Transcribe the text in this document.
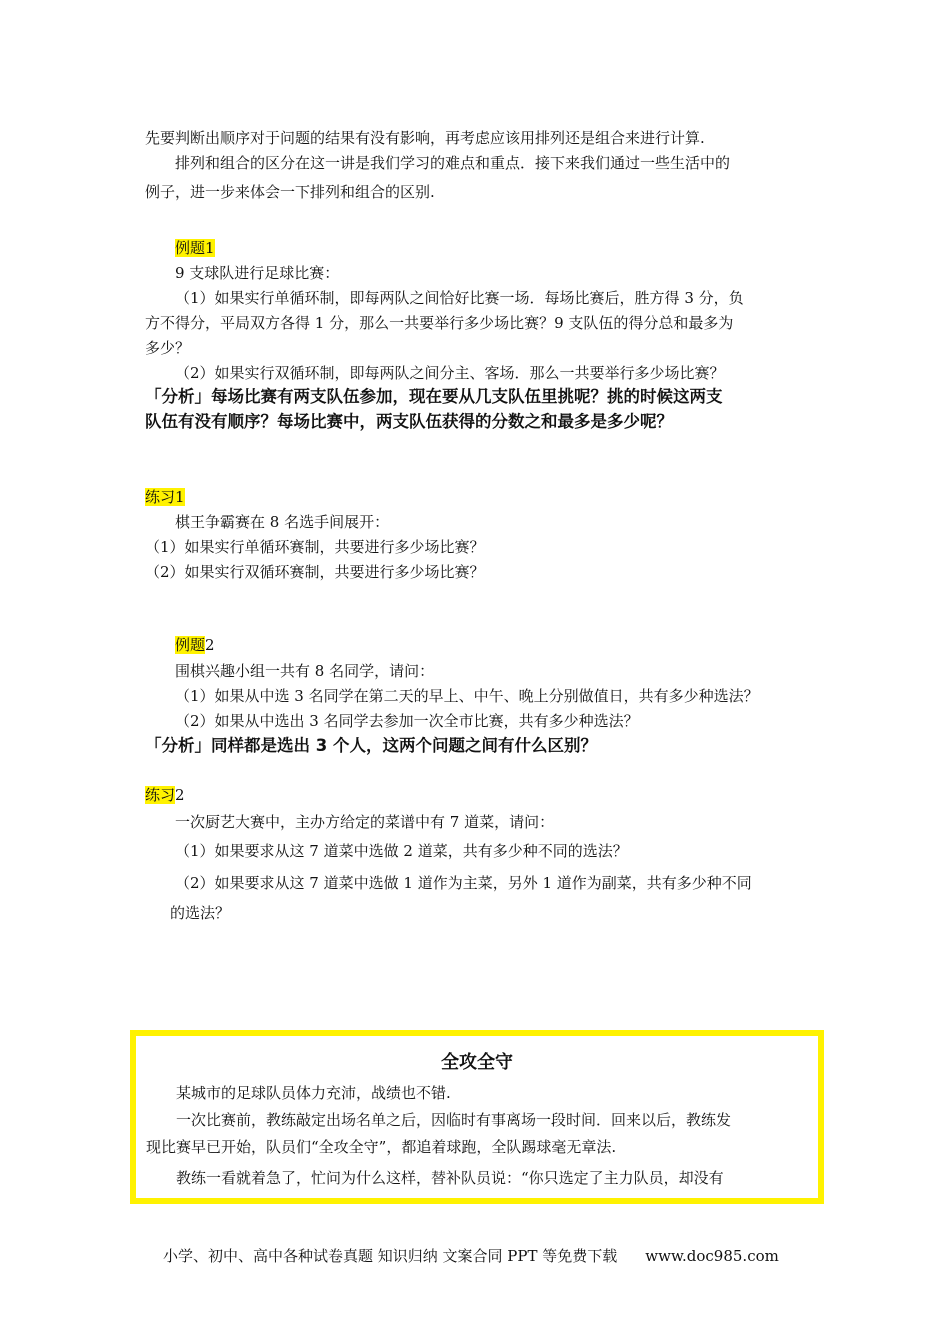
先要判断出顺序对于问题的结果有没有影响，再考虑应该用排列还是组合来进行计算.
排列和组合的区分在这一讲是我们学习的难点和重点．接下来我们通过一些生活中的
例子，进一步来体会一下排列和组合的区别.
例题1
9 支球队进行足球比赛：
（1）如果实行单循环制，即每两队之间恰好比赛一场．每场比赛后，胜方得 3 分，负
方不得分，平局双方各得 1 分，那么一共要举行多少场比赛？9 支队伍的得分总和最多为
多少？
（2）如果实行双循环制，即每两队之间分主、客场．那么一共要举行多少场比赛？
「分析」每场比赛有两支队伍参加，现在要从几支队伍里挑呢？挑的时候这两支
队伍有没有顺序？每场比赛中，两支队伍获得的分数之和最多是多少呢？
练习1
棋王争霸赛在 8 名选手间展开：
（1）如果实行单循环赛制，共要进行多少场比赛？
（2）如果实行双循环赛制，共要进行多少场比赛？
例题2
围棋兴趣小组一共有 8 名同学，请问：
（1）如果从中选 3 名同学在第二天的早上、中午、晚上分别做值日，共有多少种选法？
（2）如果从中选出 3 名同学去参加一次全市比赛，共有多少种选法？
「分析」同样都是选出 3 个人，这两个问题之间有什么区别？
练习2
一次厨艺大赛中，主办方给定的菜谱中有 7 道菜，请问：
（1）如果要求从这 7 道菜中选做 2 道菜，共有多少种不同的选法？
（2）如果要求从这 7 道菜中选做 1 道作为主菜，另外 1 道作为副菜，共有多少种不同
的选法？
全攻全守
某城市的足球队员体力充沛，战绩也不错.
一次比赛前，教练敲定出场名单之后，因临时有事离场一段时间．回来以后，教练发
现比赛早已开始，队员们“全攻全守”，都追着球跑，全队踢球毫无章法.
教练一看就着急了，忙问为什么这样，替补队员说：“你只选定了主力队员，却没有
小学、初中、高中各种试卷真题 知识归纳 文案合同 PPT 等免费下载 www.doc985.com
